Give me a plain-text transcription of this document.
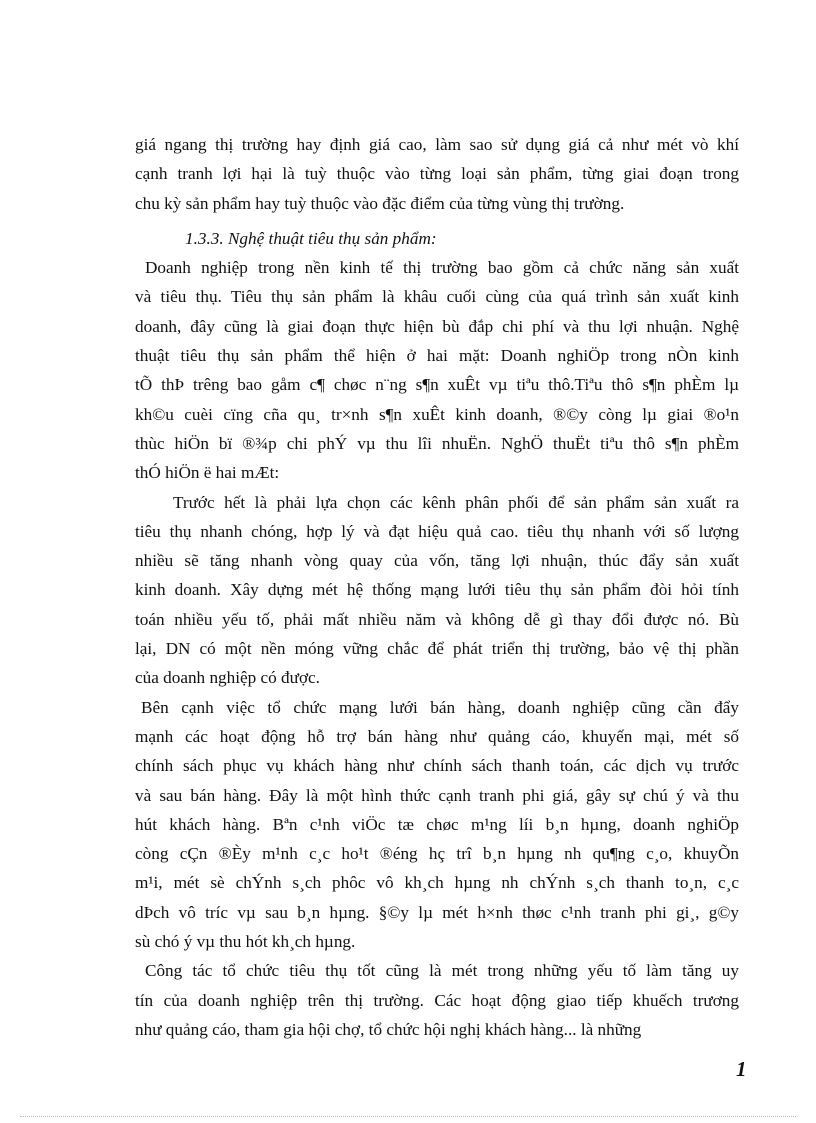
giá ngang thị trường hay định giá cao, làm sao sử dụng giá cả như mét vò khí
cạnh tranh lợi hại là tuỳ thuộc vào từng loại sản phẩm, từng giai đoạn trong
chu kỳ sản phẩm hay tuỳ thuộc vào đặc điểm của từng vùng thị trường.
1.3.3. Nghệ thuật tiêu thụ sản phẩm:
Doanh nghiệp trong nền kinh tế thị trường bao gồm cả chức năng sản xuất
và tiêu thụ. Tiêu thụ sản phẩm là khâu cuối cùng của quá trình sản xuất kinh
doanh, đây cũng là giai đoạn thực hiện bù đắp chi phí và thu lợi nhuận. Nghệ
thuật tiêu thụ sản phẩm thể hiện ở hai mặt: Doanh nghiÖp trong nÒn kinh
tÕ thÞ trêng bao gåm c¶ chøc n¨ng s¶n xuÊt vµ tiªu thô.Tiªu thô s¶n phÈm lµ
kh©u cuèi cïng cña qu¸ tr×nh s¶n xuÊt kinh doanh, ®©y còng lµ giai ®o¹n
thùc hiÖn bï ®¾p chi phÝ vµ thu lîi nhuËn. NghÖ thuËt tiªu thô s¶n phÈm
thÓ hiÖn ë hai mÆt:
Trước hết là phải lựa chọn các kênh phân phối để sản phẩm sản xuất ra
tiêu thụ nhanh chóng, hợp lý và đạt hiệu quả cao. tiêu thụ nhanh với số lượng
nhiều sẽ tăng nhanh vòng quay của vốn, tăng lợi nhuận, thúc đẩy sản xuất
kinh doanh. Xây dựng mét hệ thống mạng lưới tiêu thụ sản phẩm đòi hỏi tính
toán nhiều yếu tố, phải mất nhiều năm và không dễ gì thay đổi được nó. Bù
lại, DN có một nền móng vững chắc để phát triển thị trường, bảo vệ thị phần
của doanh nghiệp có được.
Bên cạnh việc tổ chức mạng lưới bán hàng, doanh nghiệp cũng cần đẩy
mạnh các hoạt động hỗ trợ bán hàng như quảng cáo, khuyến mại, mét số
chính sách phục vụ khách hàng như chính sách thanh toán, các dịch vụ trước
và sau bán hàng. Đây là một hình thức cạnh tranh phi giá, gây sự chú ý và thu
hút khách hàng. Bªn c¹nh viÖc tæ chøc m¹ng líi b¸n hµng, doanh nghiÖp
còng cÇn ®Èy m¹nh c¸c ho¹t ®éng hç trî b¸n hµng nh qu¶ng c¸o, khuyÕn
m¹i, mét sè chÝnh s¸ch phôc vô kh¸ch hµng nh chÝnh s¸ch thanh to¸n, c¸c
dÞch vô tríc vµ sau b¸n hµng. §©y lµ mét h×nh thøc c¹nh tranh phi gi¸, g©y
sù chó ý vµ thu hót kh¸ch hµng.
Công tác tổ chức tiêu thụ tốt cũng là mét trong những yếu tố làm tăng uy
tín của doanh nghiệp trên thị trường. Các hoạt động giao tiếp khuếch trương
như quảng cáo, tham gia hội chợ, tổ chức hội nghị khách hàng... là những
1
